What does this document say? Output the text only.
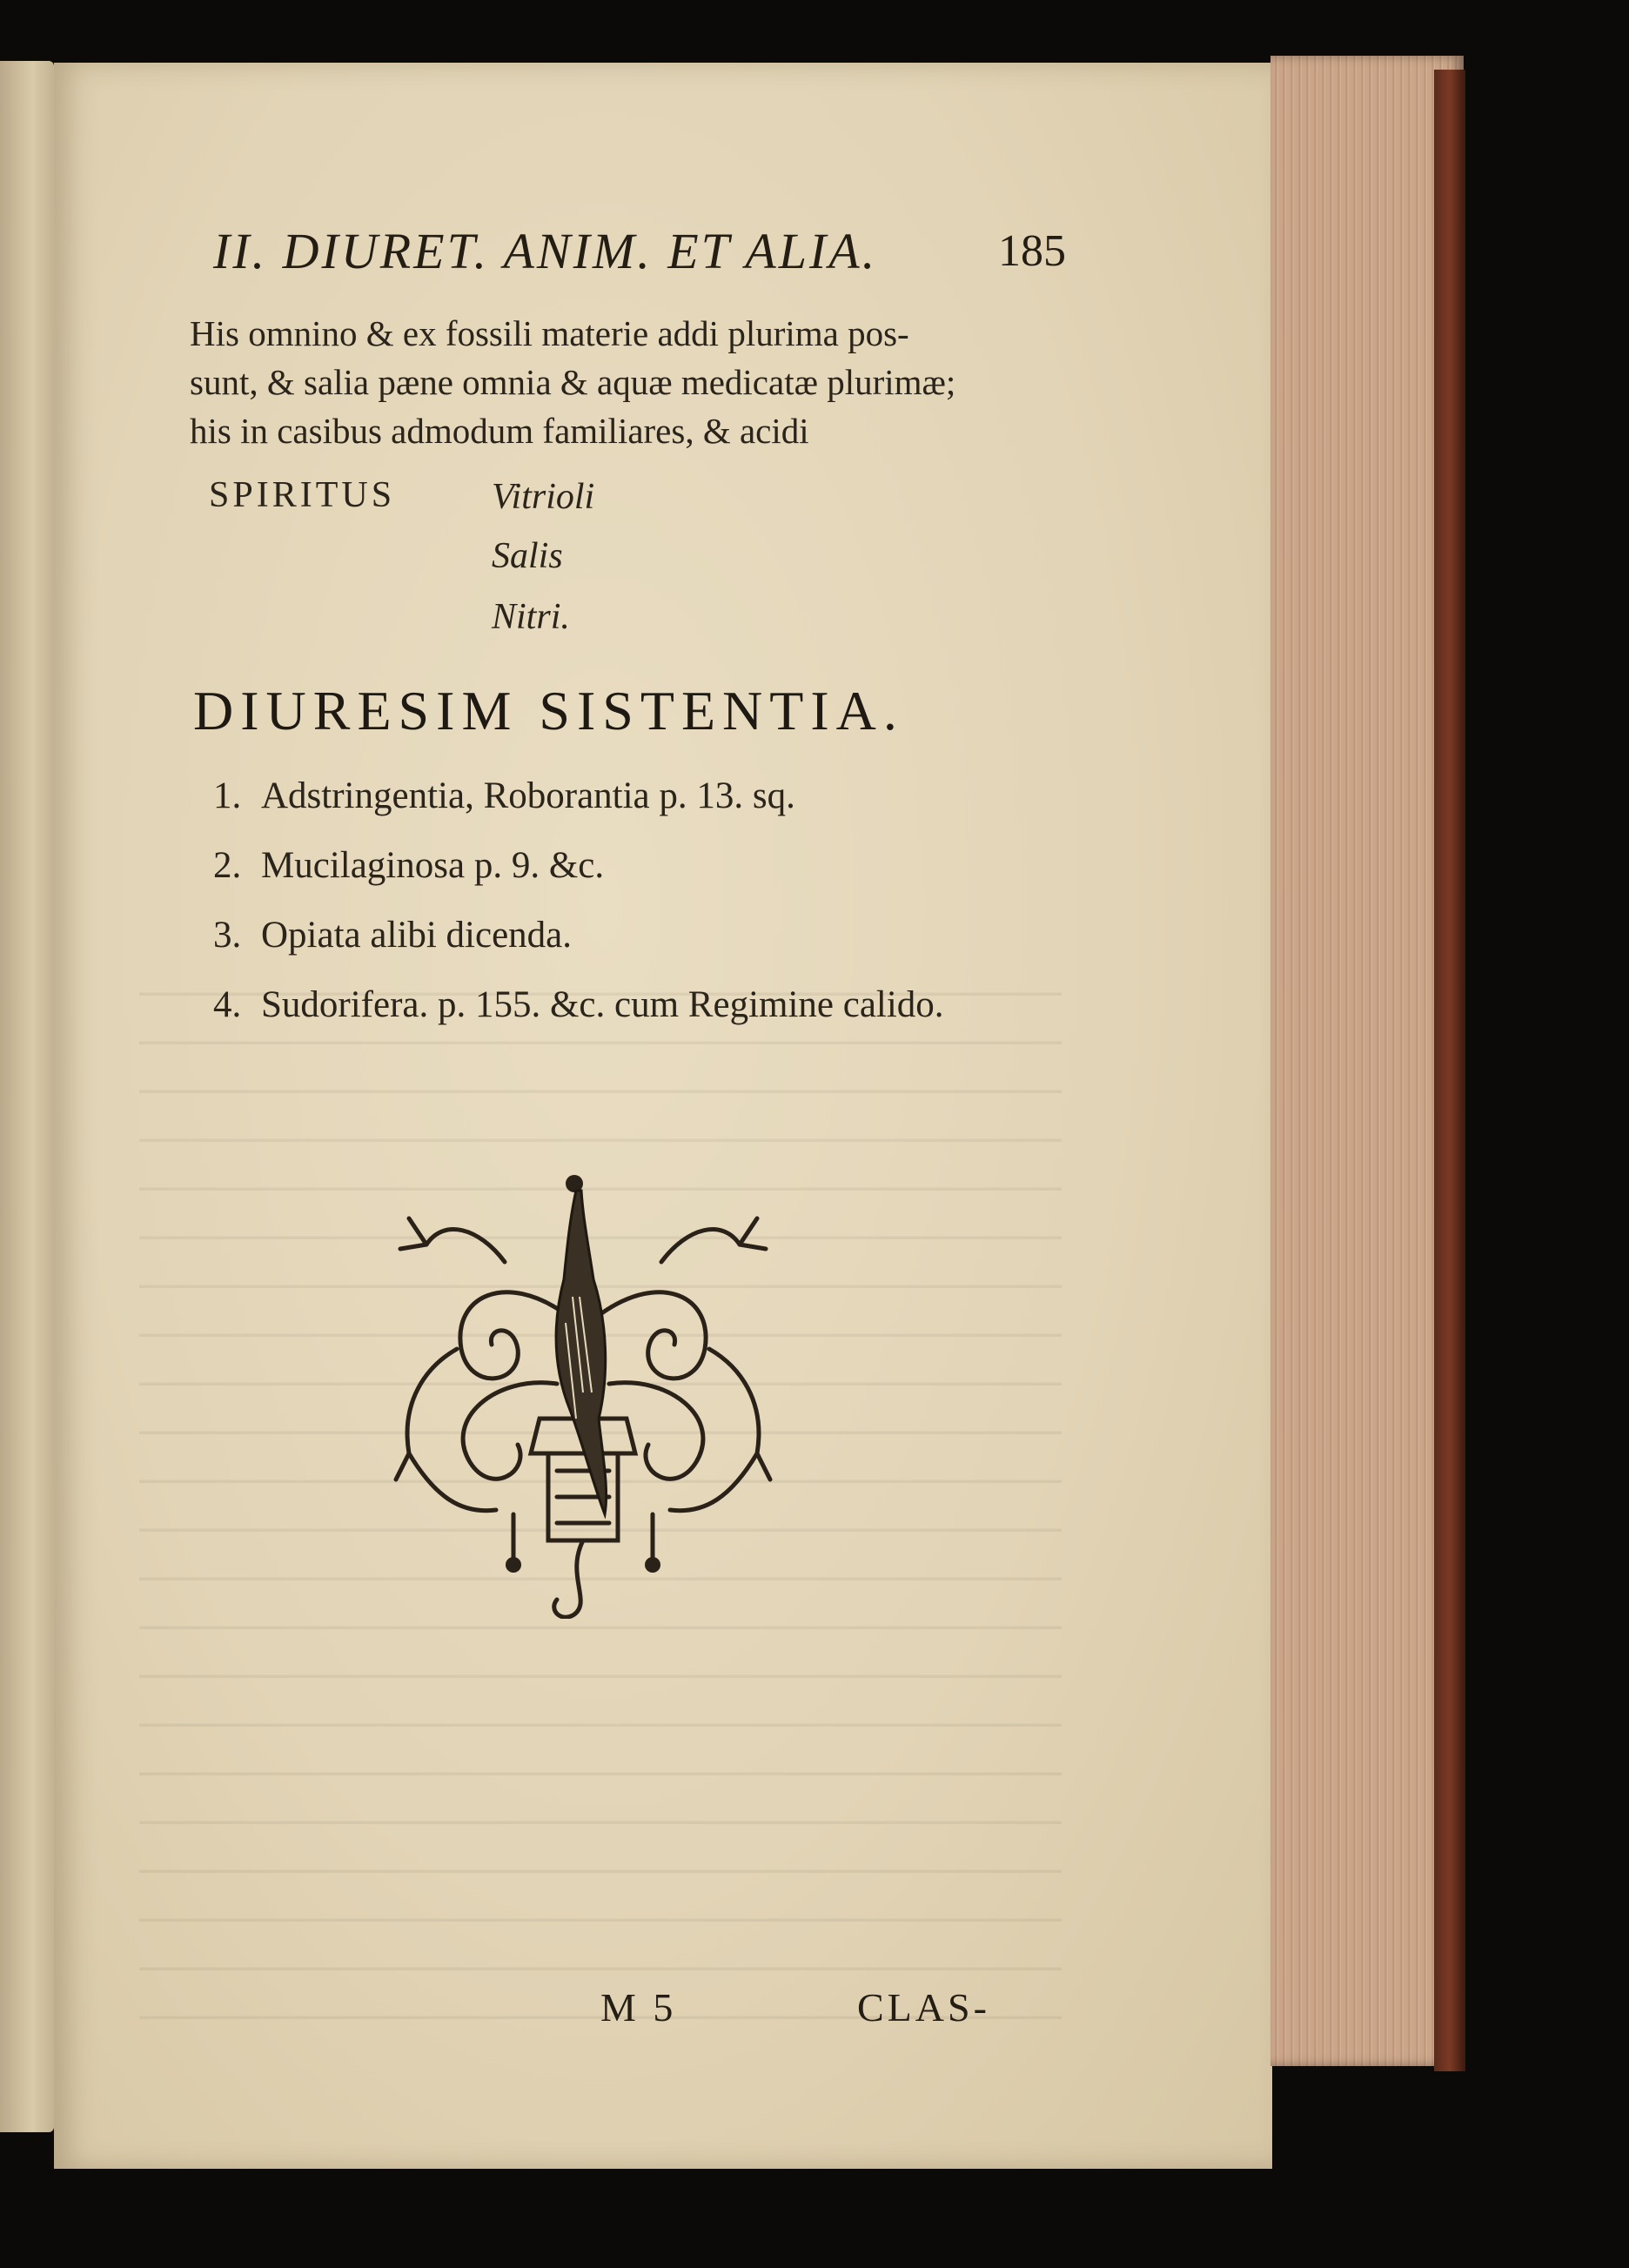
II. DIURET. ANIM. ET ALIA.	185
His omnino & ex fossili materie addi plurima pos-
sunt, & salia pæne omnia & aquæ medicatæ plurimæ;
his in casibus admodum familiares, & acidi
SPIRITUS	Vitrioli
Salis
Nitri.
DIURESIM SISTENTIA.
1. Adstringentia, Roborantia p. 13. sq.
2. Mucilaginosa p. 9. &c.
3. Opiata alibi dicenda.
4. Sudorifera. p. 155. &c. cum Regimine calido.
M 5	CLAS-
